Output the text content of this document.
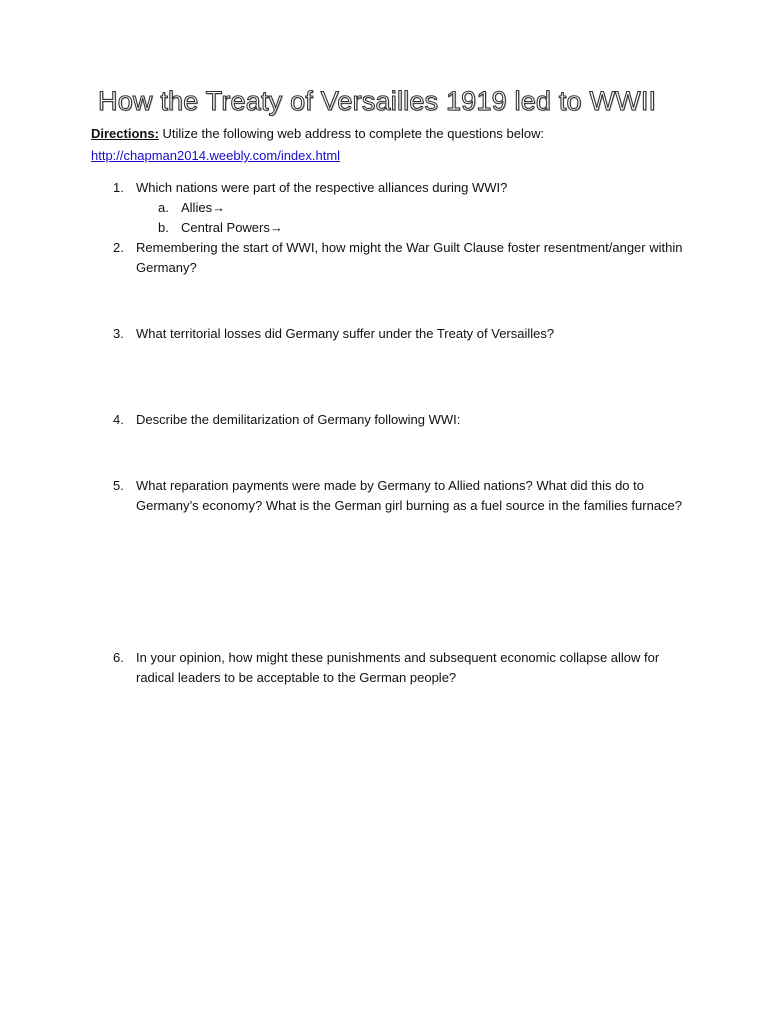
How the Treaty of Versailles 1919 led to WWII
Directions: Utilize the following web address to complete the questions below:
http://chapman2014.weebly.com/index.html
1. Which nations were part of the respective alliances during WWI?
a. Allies→
b. Central Powers→
2. Remembering the start of WWI, how might the War Guilt Clause foster resentment/anger within Germany?
3. What territorial losses did Germany suffer under the Treaty of Versailles?
4. Describe the demilitarization of Germany following WWI:
5. What reparation payments were made by Germany to Allied nations? What did this do to Germany’s economy? What is the German girl burning as a fuel source in the families furnace?
6. In your opinion, how might these punishments and subsequent economic collapse allow for radical leaders to be acceptable to the German people?
